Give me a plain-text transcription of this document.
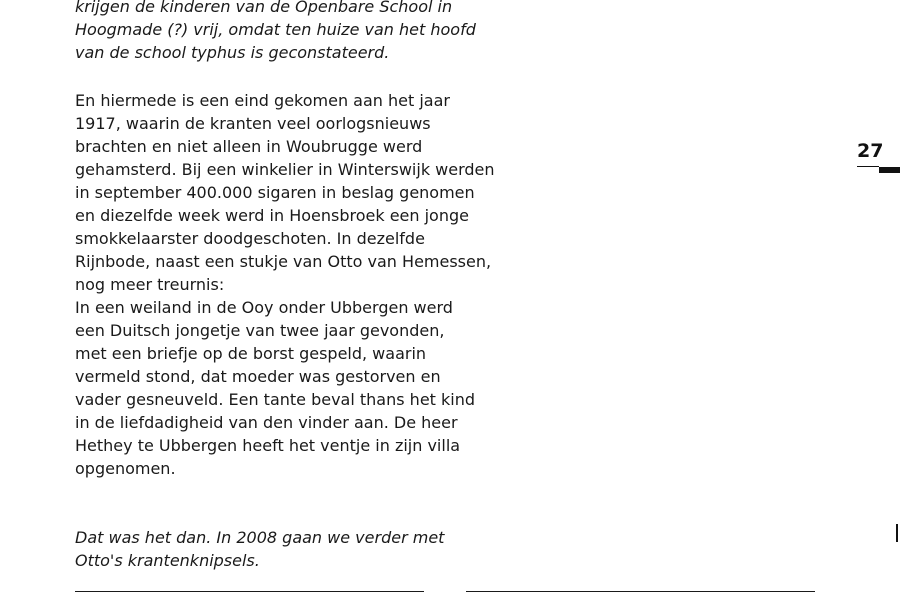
krijgen de kinderen van de Openbare School in
Hoogmade (?) vrij, omdat ten huize van het hoofd
van de school typhus is geconstateerd.
En hiermede is een eind gekomen aan het jaar
1917, waarin de kranten veel oorlogsnieuws
brachten en niet alleen in Woubrugge werd
gehamsterd. Bij een winkelier in Winterswijk werden
in september 400.000 sigaren in beslag genomen
en diezelfde week werd in Hoensbroek een jonge
smokkelaarster doodgeschoten. In dezelfde
Rijnbode, naast een stukje van Otto van Hemessen,
nog meer treurnis:
In een weiland in de Ooy onder Ubbergen werd
een Duitsch jongetje van twee jaar gevonden,
met een briefje op de borst gespeld, waarin
vermeld stond, dat moeder was gestorven en
vader gesneuveld. Een tante beval thans het kind
in de liefdadigheid van den vinder aan. De heer
Hethey te Ubbergen heeft het ventje in zijn villa
opgenomen.
Dat was het dan. In 2008 gaan we verder met
Otto's krantenknipsels.
27
